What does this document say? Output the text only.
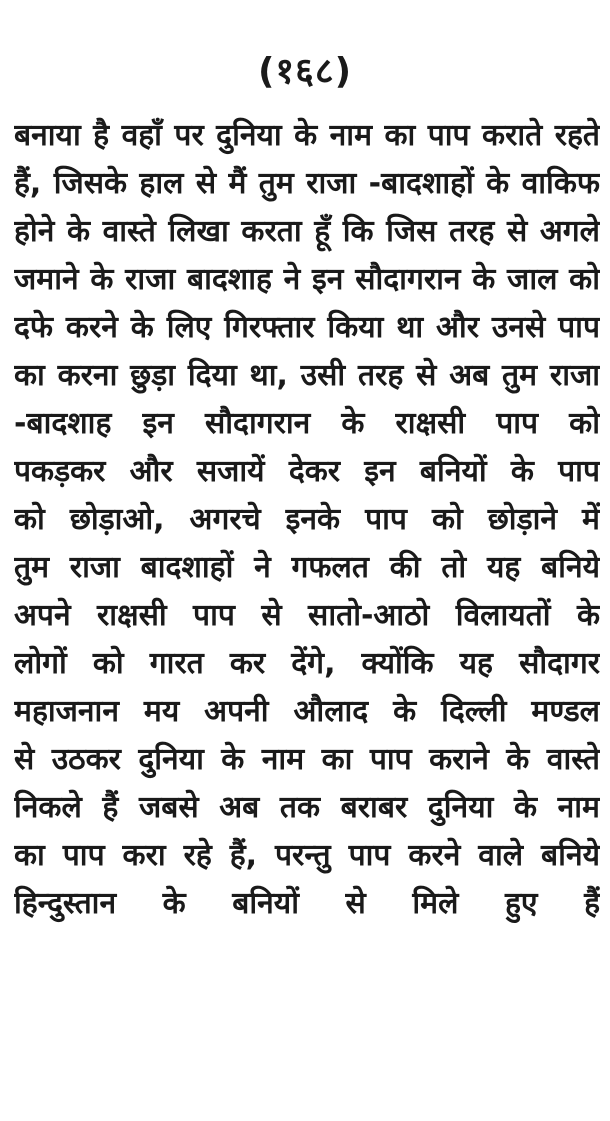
(१६८)
बनाया है वहाँ पर दुनिया के नाम का पाप कराते रहते
हैं, जिसके हाल से मैं तुम राजा -बादशाहों के वाकिफ
होने के वास्ते लिखा करता हूँ कि जिस तरह से अगले
जमाने के राजा बादशाह ने इन सौदागरान के जाल को
दफे करने के लिए गिरफ्तार किया था और उनसे पाप
का करना छुड़ा दिया था, उसी तरह से अब तुम राजा
-बादशाह इन सौदागरान के राक्षसी पाप को
पकड़कर और सजायें देकर इन बनियों के पाप
को छोड़ाओ, अगरचे इनके पाप को छोड़ाने में
तुम राजा बादशाहों ने गफलत की तो यह बनिये
अपने राक्षसी पाप से सातो-आठो विलायतों के
लोगों को गारत कर देंगे, क्योंकि यह सौदागर
महाजनान मय अपनी औलाद के दिल्ली मण्डल
से उठकर दुनिया के नाम का पाप कराने के वास्ते
निकले हैं जबसे अब तक बराबर दुनिया के नाम
का पाप करा रहे हैं, परन्तु पाप करने वाले बनिये
हिन्दुस्तान के बनियों से मिले हुए हैं
